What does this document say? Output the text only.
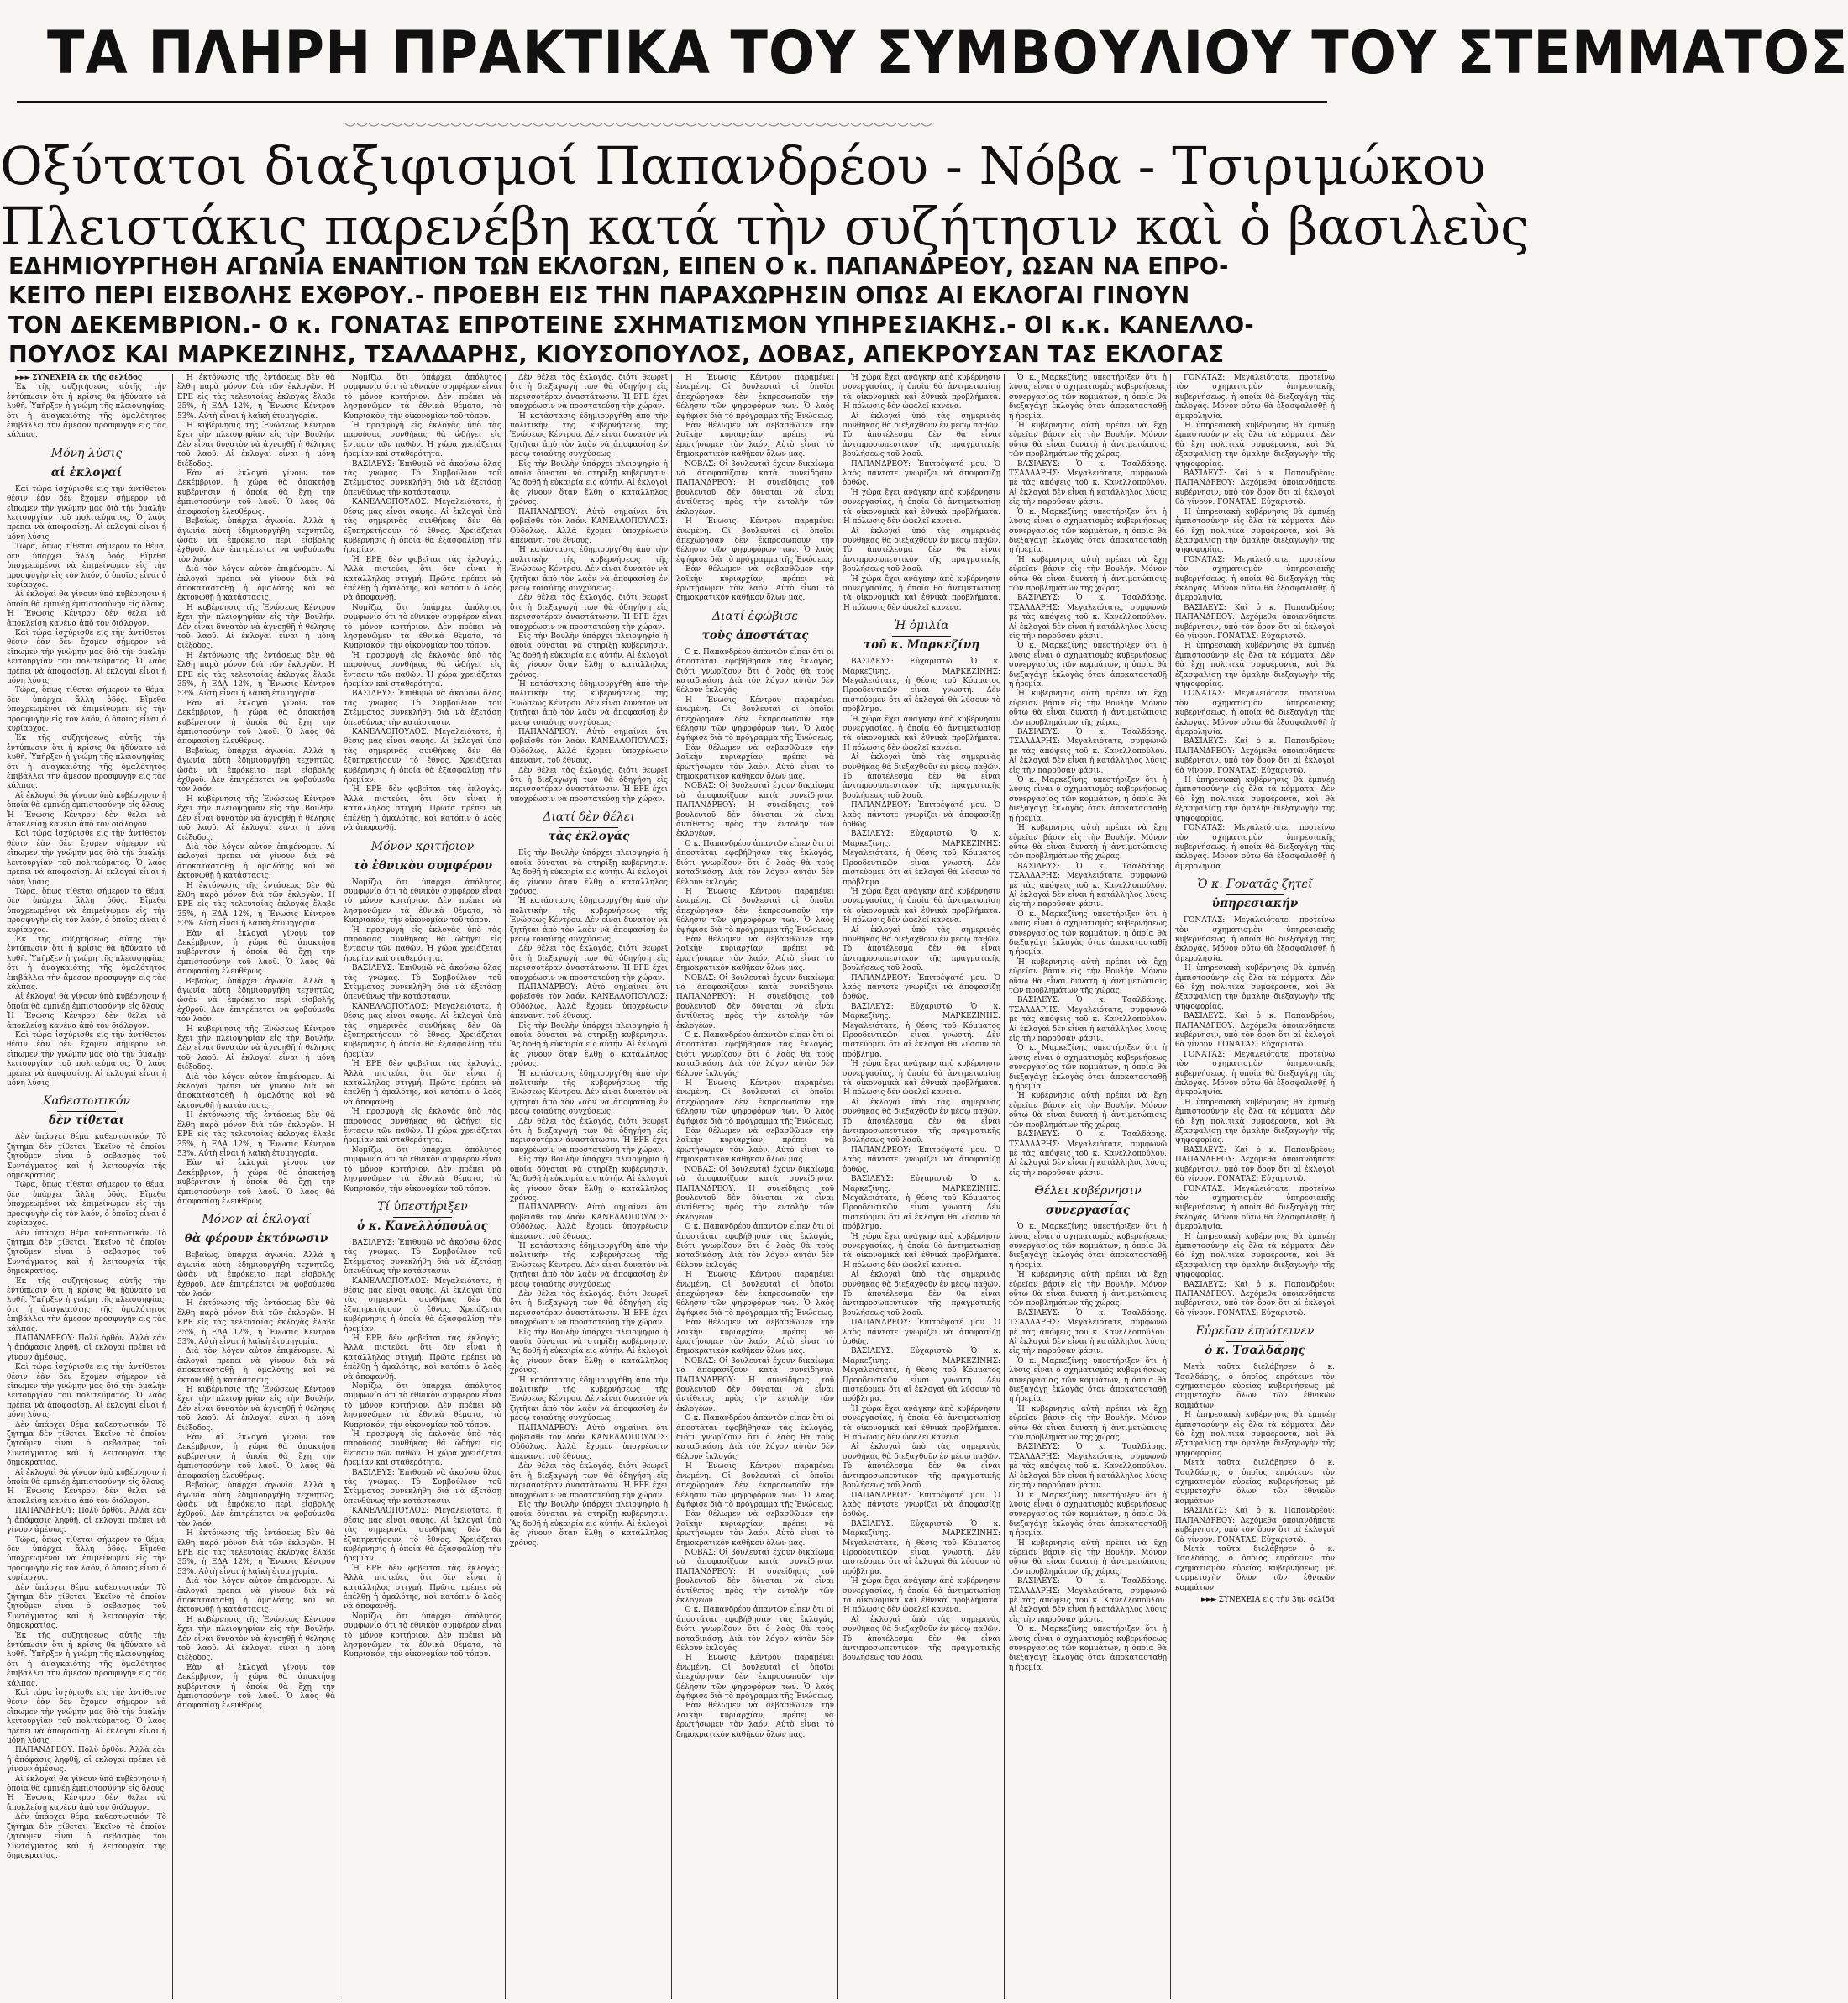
ΤΑ ΠΛΗΡΗ ΠΡΑΚΤΙΚΑ ΤΟΥ ΣΥΜΒΟΥΛΙΟΥ ΤΟΥ ΣΤΕΜΜΑΤΟΣ
Οξύτατοι διαξιφισμοί Παπανδρέου - Νόβα - Τσιριμώκου
Πλειστάκις παρενέβη κατά τὴν συζήτησιν καὶ ὁ βασιλεὺς
ΕΔΗΜΙΟΥΡΓΗΘΗ ΑΓΩΝΙΑ ΕΝΑΝΤΙΟΝ ΤΩΝ ΕΚΛΟΓΩΝ, ΕΙΠΕΝ Ο κ. ΠΑΠΑΝΔΡΕΟΥ, ΩΣΑΝ ΝΑ ΕΠΡΟ-
ΚΕΙΤΟ ΠΕΡΙ ΕΙΣΒΟΛΗΣ ΕΧΘΡΟΥ.- ΠΡΟΕΒΗ ΕΙΣ ΤΗΝ ΠΑΡΑΧΩΡΗΣΙΝ ΟΠΩΣ ΑΙ ΕΚΛΟΓΑΙ ΓΙΝΟΥΝ
ΤΟΝ ΔΕΚΕΜΒΡΙΟΝ.- Ο κ. ΓΟΝΑΤΑΣ ΕΠΡΟΤΕΙΝΕ ΣΧΗΜΑΤΙΣΜΟΝ ΥΠΗΡΕΣΙΑΚΗΣ.- ΟΙ κ.κ. ΚΑΝΕΛΛΟ-
ΠΟΥΛΟΣ ΚΑΙ ΜΑΡΚΕΖΙΝΗΣ, ΤΣΑΛΔΑΡΗΣ, ΚΙΟΥΣΟΠΟΥΛΟΣ, ΔΟΒΑΣ, ΑΠΕΚΡΟΥΣΑΝ ΤΑΣ ΕΚΛΟΓΑΣ

►►► ΣΥΝΕΧΕΙΑ ἐκ τῆς σελίδος

Ἐκ τῆς συζητήσεως αὐτῆς τὴν ἐντύπωσιν ὅτι ἡ κρίσις θὰ ἠδύνατο νὰ λυθῆ. Ὑπῆρξεν ἡ γνώμη τῆς πλειοψηφίας, ὅτι ἡ ἀναγκαιότης τῆς ὁμαλότητος ἐπιβάλλει τὴν ἄμεσον προσφυγὴν εἰς τὰς κάλπας.

Μόνη λύσις
αἱ ἐκλογαί

Καὶ τώρα ἰσχύρισθε εἰς τὴν ἀντίθετον θέσιν ἐὰν δὲν ἔχομεν σήμερον νὰ εἴπωμεν τὴν γνώμην μας διὰ τὴν ὁμαλὴν λειτουργίαν τοῦ πολιτεύματος. Ὁ λαὸς πρέπει νὰ ἀποφασίσῃ. Αἱ ἐκλογαὶ εἶναι ἡ μόνη λύσις.

Τώρα, ὅπως τίθεται σήμερον τὸ θέμα, δὲν ὑπάρχει ἄλλη ὁδός. Εἴμεθα ὑποχρεωμένοι νὰ ἐπιμείνωμεν εἰς τὴν προσφυγὴν εἰς τὸν λαόν, ὁ ὁποῖος εἶναι ὁ κυρίαρχος.

Αἱ ἐκλογαὶ θὰ γίνουν ὑπὸ κυβέρνησιν ἡ ὁποία θὰ ἐμπνέῃ ἐμπιστοσύνην εἰς ὅλους. Ἡ Ἕνωσις Κέντρου δὲν θέλει νὰ ἀποκλείσῃ κανένα ἀπὸ τὸν διάλογον.

Καὶ τώρα ἰσχύρισθε εἰς τὴν ἀντίθετον θέσιν ἐὰν δὲν ἔχομεν σήμερον νὰ εἴπωμεν τὴν γνώμην μας διὰ τὴν ὁμαλὴν λειτουργίαν τοῦ πολιτεύματος. Ὁ λαὸς πρέπει νὰ ἀποφασίσῃ. Αἱ ἐκλογαὶ εἶναι ἡ μόνη λύσις.

Τώρα, ὅπως τίθεται σήμερον τὸ θέμα, δὲν ὑπάρχει ἄλλη ὁδός. Εἴμεθα ὑποχρεωμένοι νὰ ἐπιμείνωμεν εἰς τὴν προσφυγὴν εἰς τὸν λαόν, ὁ ὁποῖος εἶναι ὁ κυρίαρχος.

Ἐκ τῆς συζητήσεως αὐτῆς τὴν ἐντύπωσιν ὅτι ἡ κρίσις θὰ ἠδύνατο νὰ λυθῆ. Ὑπῆρξεν ἡ γνώμη τῆς πλειοψηφίας, ὅτι ἡ ἀναγκαιότης τῆς ὁμαλότητος ἐπιβάλλει τὴν ἄμεσον προσφυγὴν εἰς τὰς κάλπας.

Αἱ ἐκλογαὶ θὰ γίνουν ὑπὸ κυβέρνησιν ἡ ὁποία θὰ ἐμπνέῃ ἐμπιστοσύνην εἰς ὅλους. Ἡ Ἕνωσις Κέντρου δὲν θέλει νὰ ἀποκλείσῃ κανένα ἀπὸ τὸν διάλογον.

Καὶ τώρα ἰσχύρισθε εἰς τὴν ἀντίθετον θέσιν ἐὰν δὲν ἔχομεν σήμερον νὰ εἴπωμεν τὴν γνώμην μας διὰ τὴν ὁμαλὴν λειτουργίαν τοῦ πολιτεύματος. Ὁ λαὸς πρέπει νὰ ἀποφασίσῃ. Αἱ ἐκλογαὶ εἶναι ἡ μόνη λύσις.

Τώρα, ὅπως τίθεται σήμερον τὸ θέμα, δὲν ὑπάρχει ἄλλη ὁδός. Εἴμεθα ὑποχρεωμένοι νὰ ἐπιμείνωμεν εἰς τὴν προσφυγὴν εἰς τὸν λαόν, ὁ ὁποῖος εἶναι ὁ κυρίαρχος.

Ἐκ τῆς συζητήσεως αὐτῆς τὴν ἐντύπωσιν ὅτι ἡ κρίσις θὰ ἠδύνατο νὰ λυθῆ. Ὑπῆρξεν ἡ γνώμη τῆς πλειοψηφίας, ὅτι ἡ ἀναγκαιότης τῆς ὁμαλότητος ἐπιβάλλει τὴν ἄμεσον προσφυγὴν εἰς τὰς κάλπας.

Αἱ ἐκλογαὶ θὰ γίνουν ὑπὸ κυβέρνησιν ἡ ὁποία θὰ ἐμπνέῃ ἐμπιστοσύνην εἰς ὅλους. Ἡ Ἕνωσις Κέντρου δὲν θέλει νὰ ἀποκλείσῃ κανένα ἀπὸ τὸν διάλογον.

Καὶ τώρα ἰσχύρισθε εἰς τὴν ἀντίθετον θέσιν ἐὰν δὲν ἔχομεν σήμερον νὰ εἴπωμεν τὴν γνώμην μας διὰ τὴν ὁμαλὴν λειτουργίαν τοῦ πολιτεύματος. Ὁ λαὸς πρέπει νὰ ἀποφασίσῃ. Αἱ ἐκλογαὶ εἶναι ἡ μόνη λύσις.

Καθεστωτικόν
δὲν τίθεται

Δὲν ὑπάρχει θέμα καθεστωτικόν. Τὸ ζήτημα δὲν τίθεται. Ἐκεῖνο τὸ ὁποῖον ζητοῦμεν εἶναι ὁ σεβασμὸς τοῦ Συντάγματος καὶ ἡ λειτουργία τῆς δημοκρατίας.

Τώρα, ὅπως τίθεται σήμερον τὸ θέμα, δὲν ὑπάρχει ἄλλη ὁδός. Εἴμεθα ὑποχρεωμένοι νὰ ἐπιμείνωμεν εἰς τὴν προσφυγὴν εἰς τὸν λαόν, ὁ ὁποῖος εἶναι ὁ κυρίαρχος.

Δὲν ὑπάρχει θέμα καθεστωτικόν. Τὸ ζήτημα δὲν τίθεται. Ἐκεῖνο τὸ ὁποῖον ζητοῦμεν εἶναι ὁ σεβασμὸς τοῦ Συντάγματος καὶ ἡ λειτουργία τῆς δημοκρατίας.

Ἐκ τῆς συζητήσεως αὐτῆς τὴν ἐντύπωσιν ὅτι ἡ κρίσις θὰ ἠδύνατο νὰ λυθῆ. Ὑπῆρξεν ἡ γνώμη τῆς πλειοψηφίας, ὅτι ἡ ἀναγκαιότης τῆς ὁμαλότητος ἐπιβάλλει τὴν ἄμεσον προσφυγὴν εἰς τὰς κάλπας.

ΠΑΠΑΝΔΡΕΟΥ: Πολὺ ὀρθὸν. Ἀλλὰ ἐὰν ἡ ἀπόφασις ληφθῆ, αἱ ἐκλογαὶ πρέπει νὰ γίνουν ἀμέσως.

Καὶ τώρα ἰσχύρισθε εἰς τὴν ἀντίθετον θέσιν ἐὰν δὲν ἔχομεν σήμερον νὰ εἴπωμεν τὴν γνώμην μας διὰ τὴν ὁμαλὴν λειτουργίαν τοῦ πολιτεύματος. Ὁ λαὸς πρέπει νὰ ἀποφασίσῃ. Αἱ ἐκλογαὶ εἶναι ἡ μόνη λύσις.

Δὲν ὑπάρχει θέμα καθεστωτικόν. Τὸ ζήτημα δὲν τίθεται. Ἐκεῖνο τὸ ὁποῖον ζητοῦμεν εἶναι ὁ σεβασμὸς τοῦ Συντάγματος καὶ ἡ λειτουργία τῆς δημοκρατίας.

Αἱ ἐκλογαὶ θὰ γίνουν ὑπὸ κυβέρνησιν ἡ ὁποία θὰ ἐμπνέῃ ἐμπιστοσύνην εἰς ὅλους. Ἡ Ἕνωσις Κέντρου δὲν θέλει νὰ ἀποκλείσῃ κανένα ἀπὸ τὸν διάλογον.

ΠΑΠΑΝΔΡΕΟΥ: Πολὺ ὀρθὸν. Ἀλλὰ ἐὰν ἡ ἀπόφασις ληφθῆ, αἱ ἐκλογαὶ πρέπει νὰ γίνουν ἀμέσως.

Τώρα, ὅπως τίθεται σήμερον τὸ θέμα, δὲν ὑπάρχει ἄλλη ὁδός. Εἴμεθα ὑποχρεωμένοι νὰ ἐπιμείνωμεν εἰς τὴν προσφυγὴν εἰς τὸν λαόν, ὁ ὁποῖος εἶναι ὁ κυρίαρχος.

Δὲν ὑπάρχει θέμα καθεστωτικόν. Τὸ ζήτημα δὲν τίθεται. Ἐκεῖνο τὸ ὁποῖον ζητοῦμεν εἶναι ὁ σεβασμὸς τοῦ Συντάγματος καὶ ἡ λειτουργία τῆς δημοκρατίας.

Ἐκ τῆς συζητήσεως αὐτῆς τὴν ἐντύπωσιν ὅτι ἡ κρίσις θὰ ἠδύνατο νὰ λυθῆ. Ὑπῆρξεν ἡ γνώμη τῆς πλειοψηφίας, ὅτι ἡ ἀναγκαιότης τῆς ὁμαλότητος ἐπιβάλλει τὴν ἄμεσον προσφυγὴν εἰς τὰς κάλπας.

Καὶ τώρα ἰσχύρισθε εἰς τὴν ἀντίθετον θέσιν ἐὰν δὲν ἔχομεν σήμερον νὰ εἴπωμεν τὴν γνώμην μας διὰ τὴν ὁμαλὴν λειτουργίαν τοῦ πολιτεύματος. Ὁ λαὸς πρέπει νὰ ἀποφασίσῃ. Αἱ ἐκλογαὶ εἶναι ἡ μόνη λύσις.

ΠΑΠΑΝΔΡΕΟΥ: Πολὺ ὀρθὸν. Ἀλλὰ ἐὰν ἡ ἀπόφασις ληφθῆ, αἱ ἐκλογαὶ πρέπει νὰ γίνουν ἀμέσως.

Αἱ ἐκλογαὶ θὰ γίνουν ὑπὸ κυβέρνησιν ἡ ὁποία θὰ ἐμπνέῃ ἐμπιστοσύνην εἰς ὅλους. Ἡ Ἕνωσις Κέντρου δὲν θέλει νὰ ἀποκλείσῃ κανένα ἀπὸ τὸν διάλογον.

Δὲν ὑπάρχει θέμα καθεστωτικόν. Τὸ ζήτημα δὲν τίθεται. Ἐκεῖνο τὸ ὁποῖον ζητοῦμεν εἶναι ὁ σεβασμὸς τοῦ Συντάγματος καὶ ἡ λειτουργία τῆς δημοκρατίας.

Ἡ ἐκτόνωσις τῆς ἐντάσεως δὲν θὰ ἔλθῃ παρὰ μόνον διὰ τῶν ἐκλογῶν. Ἡ ΕΡΕ εἰς τὰς τελευταίας ἐκλογὰς ἔλαβε 35%, ἡ ΕΔΑ 12%, ἡ Ἕνωσις Κέντρου 53%. Αὐτὴ εἶναι ἡ λαϊκὴ ἐτυμηγορία.

Ἡ κυβέρνησις τῆς Ἑνώσεως Κέντρου ἔχει τὴν πλειοψηφίαν εἰς τὴν Βουλήν. Δὲν εἶναι δυνατὸν νὰ ἀγνοηθῇ ἡ θέλησις τοῦ λαοῦ. Αἱ ἐκλογαὶ εἶναι ἡ μόνη διέξοδος.

Ἐὰν αἱ ἐκλογαὶ γίνουν τὸν Δεκέμβριον, ἡ χώρα θὰ ἀποκτήσῃ κυβέρνησιν ἡ ὁποία θὰ ἔχῃ τὴν ἐμπιστοσύνην τοῦ λαοῦ. Ὁ λαὸς θὰ ἀποφασίσῃ ἐλευθέρως.

Βεβαίως, ὑπάρχει ἀγωνία. Ἀλλὰ ἡ ἀγωνία αὐτὴ ἐδημιουργήθη τεχνητῶς, ὡσὰν νὰ ἐπρόκειτο περὶ εἰσβολῆς ἐχθροῦ. Δὲν ἐπιτρέπεται νὰ φοβούμεθα τὸν λαόν.

Διὰ τὸν λόγον αὐτὸν ἐπιμένομεν. Αἱ ἐκλογαὶ πρέπει νὰ γίνουν διὰ νὰ ἀποκατασταθῇ ἡ ὁμαλότης καὶ νὰ ἐκτονωθῇ ἡ κατάστασις.

Ἡ κυβέρνησις τῆς Ἑνώσεως Κέντρου ἔχει τὴν πλειοψηφίαν εἰς τὴν Βουλήν. Δὲν εἶναι δυνατὸν νὰ ἀγνοηθῇ ἡ θέλησις τοῦ λαοῦ. Αἱ ἐκλογαὶ εἶναι ἡ μόνη διέξοδος.

Ἡ ἐκτόνωσις τῆς ἐντάσεως δὲν θὰ ἔλθῃ παρὰ μόνον διὰ τῶν ἐκλογῶν. Ἡ ΕΡΕ εἰς τὰς τελευταίας ἐκλογὰς ἔλαβε 35%, ἡ ΕΔΑ 12%, ἡ Ἕνωσις Κέντρου 53%. Αὐτὴ εἶναι ἡ λαϊκὴ ἐτυμηγορία.

Ἐὰν αἱ ἐκλογαὶ γίνουν τὸν Δεκέμβριον, ἡ χώρα θὰ ἀποκτήσῃ κυβέρνησιν ἡ ὁποία θὰ ἔχῃ τὴν ἐμπιστοσύνην τοῦ λαοῦ. Ὁ λαὸς θὰ ἀποφασίσῃ ἐλευθέρως.

Βεβαίως, ὑπάρχει ἀγωνία. Ἀλλὰ ἡ ἀγωνία αὐτὴ ἐδημιουργήθη τεχνητῶς, ὡσὰν νὰ ἐπρόκειτο περὶ εἰσβολῆς ἐχθροῦ. Δὲν ἐπιτρέπεται νὰ φοβούμεθα τὸν λαόν.

Ἡ κυβέρνησις τῆς Ἑνώσεως Κέντρου ἔχει τὴν πλειοψηφίαν εἰς τὴν Βουλήν. Δὲν εἶναι δυνατὸν νὰ ἀγνοηθῇ ἡ θέλησις τοῦ λαοῦ. Αἱ ἐκλογαὶ εἶναι ἡ μόνη διέξοδος.

Διὰ τὸν λόγον αὐτὸν ἐπιμένομεν. Αἱ ἐκλογαὶ πρέπει νὰ γίνουν διὰ νὰ ἀποκατασταθῇ ἡ ὁμαλότης καὶ νὰ ἐκτονωθῇ ἡ κατάστασις.

Ἡ ἐκτόνωσις τῆς ἐντάσεως δὲν θὰ ἔλθῃ παρὰ μόνον διὰ τῶν ἐκλογῶν. Ἡ ΕΡΕ εἰς τὰς τελευταίας ἐκλογὰς ἔλαβε 35%, ἡ ΕΔΑ 12%, ἡ Ἕνωσις Κέντρου 53%. Αὐτὴ εἶναι ἡ λαϊκὴ ἐτυμηγορία.

Ἐὰν αἱ ἐκλογαὶ γίνουν τὸν Δεκέμβριον, ἡ χώρα θὰ ἀποκτήσῃ κυβέρνησιν ἡ ὁποία θὰ ἔχῃ τὴν ἐμπιστοσύνην τοῦ λαοῦ. Ὁ λαὸς θὰ ἀποφασίσῃ ἐλευθέρως.

Βεβαίως, ὑπάρχει ἀγωνία. Ἀλλὰ ἡ ἀγωνία αὐτὴ ἐδημιουργήθη τεχνητῶς, ὡσὰν νὰ ἐπρόκειτο περὶ εἰσβολῆς ἐχθροῦ. Δὲν ἐπιτρέπεται νὰ φοβούμεθα τὸν λαόν.

Ἡ κυβέρνησις τῆς Ἑνώσεως Κέντρου ἔχει τὴν πλειοψηφίαν εἰς τὴν Βουλήν. Δὲν εἶναι δυνατὸν νὰ ἀγνοηθῇ ἡ θέλησις τοῦ λαοῦ. Αἱ ἐκλογαὶ εἶναι ἡ μόνη διέξοδος.

Διὰ τὸν λόγον αὐτὸν ἐπιμένομεν. Αἱ ἐκλογαὶ πρέπει νὰ γίνουν διὰ νὰ ἀποκατασταθῇ ἡ ὁμαλότης καὶ νὰ ἐκτονωθῇ ἡ κατάστασις.

Ἡ ἐκτόνωσις τῆς ἐντάσεως δὲν θὰ ἔλθῃ παρὰ μόνον διὰ τῶν ἐκλογῶν. Ἡ ΕΡΕ εἰς τὰς τελευταίας ἐκλογὰς ἔλαβε 35%, ἡ ΕΔΑ 12%, ἡ Ἕνωσις Κέντρου 53%. Αὐτὴ εἶναι ἡ λαϊκὴ ἐτυμηγορία.

Ἐὰν αἱ ἐκλογαὶ γίνουν τὸν Δεκέμβριον, ἡ χώρα θὰ ἀποκτήσῃ κυβέρνησιν ἡ ὁποία θὰ ἔχῃ τὴν ἐμπιστοσύνην τοῦ λαοῦ. Ὁ λαὸς θὰ ἀποφασίσῃ ἐλευθέρως.

Μόνον αἱ ἐκλογαί
θὰ φέρουν ἐκτόνωσιν

Βεβαίως, ὑπάρχει ἀγωνία. Ἀλλὰ ἡ ἀγωνία αὐτὴ ἐδημιουργήθη τεχνητῶς, ὡσὰν νὰ ἐπρόκειτο περὶ εἰσβολῆς ἐχθροῦ. Δὲν ἐπιτρέπεται νὰ φοβούμεθα τὸν λαόν.

Ἡ ἐκτόνωσις τῆς ἐντάσεως δὲν θὰ ἔλθῃ παρὰ μόνον διὰ τῶν ἐκλογῶν. Ἡ ΕΡΕ εἰς τὰς τελευταίας ἐκλογὰς ἔλαβε 35%, ἡ ΕΔΑ 12%, ἡ Ἕνωσις Κέντρου 53%. Αὐτὴ εἶναι ἡ λαϊκὴ ἐτυμηγορία.

Διὰ τὸν λόγον αὐτὸν ἐπιμένομεν. Αἱ ἐκλογαὶ πρέπει νὰ γίνουν διὰ νὰ ἀποκατασταθῇ ἡ ὁμαλότης καὶ νὰ ἐκτονωθῇ ἡ κατάστασις.

Ἡ κυβέρνησις τῆς Ἑνώσεως Κέντρου ἔχει τὴν πλειοψηφίαν εἰς τὴν Βουλήν. Δὲν εἶναι δυνατὸν νὰ ἀγνοηθῇ ἡ θέλησις τοῦ λαοῦ. Αἱ ἐκλογαὶ εἶναι ἡ μόνη διέξοδος.

Ἐὰν αἱ ἐκλογαὶ γίνουν τὸν Δεκέμβριον, ἡ χώρα θὰ ἀποκτήσῃ κυβέρνησιν ἡ ὁποία θὰ ἔχῃ τὴν ἐμπιστοσύνην τοῦ λαοῦ. Ὁ λαὸς θὰ ἀποφασίσῃ ἐλευθέρως.

Βεβαίως, ὑπάρχει ἀγωνία. Ἀλλὰ ἡ ἀγωνία αὐτὴ ἐδημιουργήθη τεχνητῶς, ὡσὰν νὰ ἐπρόκειτο περὶ εἰσβολῆς ἐχθροῦ. Δὲν ἐπιτρέπεται νὰ φοβούμεθα τὸν λαόν.

Ἡ ἐκτόνωσις τῆς ἐντάσεως δὲν θὰ ἔλθῃ παρὰ μόνον διὰ τῶν ἐκλογῶν. Ἡ ΕΡΕ εἰς τὰς τελευταίας ἐκλογὰς ἔλαβε 35%, ἡ ΕΔΑ 12%, ἡ Ἕνωσις Κέντρου 53%. Αὐτὴ εἶναι ἡ λαϊκὴ ἐτυμηγορία.

Διὰ τὸν λόγον αὐτὸν ἐπιμένομεν. Αἱ ἐκλογαὶ πρέπει νὰ γίνουν διὰ νὰ ἀποκατασταθῇ ἡ ὁμαλότης καὶ νὰ ἐκτονωθῇ ἡ κατάστασις.

Ἡ κυβέρνησις τῆς Ἑνώσεως Κέντρου ἔχει τὴν πλειοψηφίαν εἰς τὴν Βουλήν. Δὲν εἶναι δυνατὸν νὰ ἀγνοηθῇ ἡ θέλησις τοῦ λαοῦ. Αἱ ἐκλογαὶ εἶναι ἡ μόνη διέξοδος.

Ἐὰν αἱ ἐκλογαὶ γίνουν τὸν Δεκέμβριον, ἡ χώρα θὰ ἀποκτήσῃ κυβέρνησιν ἡ ὁποία θὰ ἔχῃ τὴν ἐμπιστοσύνην τοῦ λαοῦ. Ὁ λαὸς θὰ ἀποφασίσῃ ἐλευθέρως.

Νομίζω, ὅτι ὑπάρχει ἀπόλυτος συμφωνία ὅτι τὸ ἐθνικὸν συμφέρον εἶναι τὸ μόνον κριτήριον. Δὲν πρέπει νὰ λησμονῶμεν τὰ ἐθνικὰ θέματα, τὸ Κυπριακόν, τὴν οἰκονομίαν τοῦ τόπου.

Ἡ προσφυγὴ εἰς ἐκλογὰς ὑπὸ τὰς παρούσας συνθήκας θὰ ὡδήγει εἰς ἔντασιν τῶν παθῶν. Ἡ χώρα χρειάζεται ἠρεμίαν καὶ σταθερότητα.

ΒΑΣΙΛΕΥΣ: Ἐπιθυμῶ νὰ ἀκούσω ὅλας τὰς γνώμας. Τὸ Συμβούλιον τοῦ Στέμματος συνεκλήθη διὰ νὰ ἐξετάσῃ ὑπευθύνως τὴν κατάστασιν.

ΚΑΝΕΛΛΟΠΟΥΛΟΣ: Μεγαλειότατε, ἡ θέσις μας εἶναι σαφής. Αἱ ἐκλογαὶ ὑπὸ τὰς σημερινὰς συνθήκας δὲν θὰ ἐξυπηρετήσουν τὸ ἔθνος. Χρειάζεται κυβέρνησις ἡ ὁποία θὰ ἐξασφαλίσῃ τὴν ἠρεμίαν.

Ἡ ΕΡΕ δὲν φοβεῖται τὰς ἐκλογάς. Ἀλλὰ πιστεύει, ὅτι δὲν εἶναι ἡ κατάλληλος στιγμή. Πρῶτα πρέπει νὰ ἐπέλθῃ ἡ ὁμαλότης, καὶ κατόπιν ὁ λαὸς νὰ ἀποφανθῇ.

Νομίζω, ὅτι ὑπάρχει ἀπόλυτος συμφωνία ὅτι τὸ ἐθνικὸν συμφέρον εἶναι τὸ μόνον κριτήριον. Δὲν πρέπει νὰ λησμονῶμεν τὰ ἐθνικὰ θέματα, τὸ Κυπριακόν, τὴν οἰκονομίαν τοῦ τόπου.

Ἡ προσφυγὴ εἰς ἐκλογὰς ὑπὸ τὰς παρούσας συνθήκας θὰ ὡδήγει εἰς ἔντασιν τῶν παθῶν. Ἡ χώρα χρειάζεται ἠρεμίαν καὶ σταθερότητα.

ΒΑΣΙΛΕΥΣ: Ἐπιθυμῶ νὰ ἀκούσω ὅλας τὰς γνώμας. Τὸ Συμβούλιον τοῦ Στέμματος συνεκλήθη διὰ νὰ ἐξετάσῃ ὑπευθύνως τὴν κατάστασιν.

ΚΑΝΕΛΛΟΠΟΥΛΟΣ: Μεγαλειότατε, ἡ θέσις μας εἶναι σαφής. Αἱ ἐκλογαὶ ὑπὸ τὰς σημερινὰς συνθήκας δὲν θὰ ἐξυπηρετήσουν τὸ ἔθνος. Χρειάζεται κυβέρνησις ἡ ὁποία θὰ ἐξασφαλίσῃ τὴν ἠρεμίαν.

Ἡ ΕΡΕ δὲν φοβεῖται τὰς ἐκλογάς. Ἀλλὰ πιστεύει, ὅτι δὲν εἶναι ἡ κατάλληλος στιγμή. Πρῶτα πρέπει νὰ ἐπέλθῃ ἡ ὁμαλότης, καὶ κατόπιν ὁ λαὸς νὰ ἀποφανθῇ.

Μόνον κριτήριον
τὸ ἐθνικὸν συμφέρον

Νομίζω, ὅτι ὑπάρχει ἀπόλυτος συμφωνία ὅτι τὸ ἐθνικὸν συμφέρον εἶναι τὸ μόνον κριτήριον. Δὲν πρέπει νὰ λησμονῶμεν τὰ ἐθνικὰ θέματα, τὸ Κυπριακόν, τὴν οἰκονομίαν τοῦ τόπου.

Ἡ προσφυγὴ εἰς ἐκλογὰς ὑπὸ τὰς παρούσας συνθήκας θὰ ὡδήγει εἰς ἔντασιν τῶν παθῶν. Ἡ χώρα χρειάζεται ἠρεμίαν καὶ σταθερότητα.

ΒΑΣΙΛΕΥΣ: Ἐπιθυμῶ νὰ ἀκούσω ὅλας τὰς γνώμας. Τὸ Συμβούλιον τοῦ Στέμματος συνεκλήθη διὰ νὰ ἐξετάσῃ ὑπευθύνως τὴν κατάστασιν.

ΚΑΝΕΛΛΟΠΟΥΛΟΣ: Μεγαλειότατε, ἡ θέσις μας εἶναι σαφής. Αἱ ἐκλογαὶ ὑπὸ τὰς σημερινὰς συνθήκας δὲν θὰ ἐξυπηρετήσουν τὸ ἔθνος. Χρειάζεται κυβέρνησις ἡ ὁποία θὰ ἐξασφαλίσῃ τὴν ἠρεμίαν.

Ἡ ΕΡΕ δὲν φοβεῖται τὰς ἐκλογάς. Ἀλλὰ πιστεύει, ὅτι δὲν εἶναι ἡ κατάλληλος στιγμή. Πρῶτα πρέπει νὰ ἐπέλθῃ ἡ ὁμαλότης, καὶ κατόπιν ὁ λαὸς νὰ ἀποφανθῇ.

Ἡ προσφυγὴ εἰς ἐκλογὰς ὑπὸ τὰς παρούσας συνθήκας θὰ ὡδήγει εἰς ἔντασιν τῶν παθῶν. Ἡ χώρα χρειάζεται ἠρεμίαν καὶ σταθερότητα.

Νομίζω, ὅτι ὑπάρχει ἀπόλυτος συμφωνία ὅτι τὸ ἐθνικὸν συμφέρον εἶναι τὸ μόνον κριτήριον. Δὲν πρέπει νὰ λησμονῶμεν τὰ ἐθνικὰ θέματα, τὸ Κυπριακόν, τὴν οἰκονομίαν τοῦ τόπου.

Τί ὑπεστήριξεν
ὁ κ. Κανελλόπουλος

ΒΑΣΙΛΕΥΣ: Ἐπιθυμῶ νὰ ἀκούσω ὅλας τὰς γνώμας. Τὸ Συμβούλιον τοῦ Στέμματος συνεκλήθη διὰ νὰ ἐξετάσῃ ὑπευθύνως τὴν κατάστασιν.

ΚΑΝΕΛΛΟΠΟΥΛΟΣ: Μεγαλειότατε, ἡ θέσις μας εἶναι σαφής. Αἱ ἐκλογαὶ ὑπὸ τὰς σημερινὰς συνθήκας δὲν θὰ ἐξυπηρετήσουν τὸ ἔθνος. Χρειάζεται κυβέρνησις ἡ ὁποία θὰ ἐξασφαλίσῃ τὴν ἠρεμίαν.

Ἡ ΕΡΕ δὲν φοβεῖται τὰς ἐκλογάς. Ἀλλὰ πιστεύει, ὅτι δὲν εἶναι ἡ κατάλληλος στιγμή. Πρῶτα πρέπει νὰ ἐπέλθῃ ἡ ὁμαλότης, καὶ κατόπιν ὁ λαὸς νὰ ἀποφανθῇ.

Νομίζω, ὅτι ὑπάρχει ἀπόλυτος συμφωνία ὅτι τὸ ἐθνικὸν συμφέρον εἶναι τὸ μόνον κριτήριον. Δὲν πρέπει νὰ λησμονῶμεν τὰ ἐθνικὰ θέματα, τὸ Κυπριακόν, τὴν οἰκονομίαν τοῦ τόπου.

Ἡ προσφυγὴ εἰς ἐκλογὰς ὑπὸ τὰς παρούσας συνθήκας θὰ ὡδήγει εἰς ἔντασιν τῶν παθῶν. Ἡ χώρα χρειάζεται ἠρεμίαν καὶ σταθερότητα.

ΒΑΣΙΛΕΥΣ: Ἐπιθυμῶ νὰ ἀκούσω ὅλας τὰς γνώμας. Τὸ Συμβούλιον τοῦ Στέμματος συνεκλήθη διὰ νὰ ἐξετάσῃ ὑπευθύνως τὴν κατάστασιν.

ΚΑΝΕΛΛΟΠΟΥΛΟΣ: Μεγαλειότατε, ἡ θέσις μας εἶναι σαφής. Αἱ ἐκλογαὶ ὑπὸ τὰς σημερινὰς συνθήκας δὲν θὰ ἐξυπηρετήσουν τὸ ἔθνος. Χρειάζεται κυβέρνησις ἡ ὁποία θὰ ἐξασφαλίσῃ τὴν ἠρεμίαν.

Ἡ ΕΡΕ δὲν φοβεῖται τὰς ἐκλογάς. Ἀλλὰ πιστεύει, ὅτι δὲν εἶναι ἡ κατάλληλος στιγμή. Πρῶτα πρέπει νὰ ἐπέλθῃ ἡ ὁμαλότης, καὶ κατόπιν ὁ λαὸς νὰ ἀποφανθῇ.

Νομίζω, ὅτι ὑπάρχει ἀπόλυτος συμφωνία ὅτι τὸ ἐθνικὸν συμφέρον εἶναι τὸ μόνον κριτήριον. Δὲν πρέπει νὰ λησμονῶμεν τὰ ἐθνικὰ θέματα, τὸ Κυπριακόν, τὴν οἰκονομίαν τοῦ τόπου.

Δὲν θέλει τὰς ἐκλογάς, διότι θεωρεῖ ὅτι ἡ διεξαγωγή των θὰ ὁδηγήσῃ εἰς περισσοτέραν ἀναστάτωσιν. Ἡ ΕΡΕ ἔχει ὑποχρέωσιν νὰ προστατεύσῃ τὴν χώραν.

Ἡ κατάστασις ἐδημιουργήθη ἀπὸ τὴν πολιτικὴν τῆς κυβερνήσεως τῆς Ἑνώσεως Κέντρου. Δὲν εἶναι δυνατὸν νὰ ζητῆται ἀπὸ τὸν λαὸν νὰ ἀποφασίσῃ ἐν μέσῳ τοιαύτης συγχύσεως.

Εἰς τὴν Βουλὴν ὑπάρχει πλειοψηφία ἡ ὁποία δύναται νὰ στηρίξῃ κυβέρνησιν. Ἂς δοθῇ ἡ εὐκαιρία εἰς αὐτήν. Αἱ ἐκλογαὶ ἂς γίνουν ὅταν ἔλθῃ ὁ κατάλληλος χρόνος.

ΠΑΠΑΝΔΡΕΟΥ: Αὐτὸ σημαίνει ὅτι φοβεῖσθε τὸν λαόν. ΚΑΝΕΛΛΟΠΟΥΛΟΣ: Οὐδόλως. Ἀλλὰ ἔχομεν ὑποχρέωσιν ἀπέναντι τοῦ ἔθνους.

Ἡ κατάστασις ἐδημιουργήθη ἀπὸ τὴν πολιτικὴν τῆς κυβερνήσεως τῆς Ἑνώσεως Κέντρου. Δὲν εἶναι δυνατὸν νὰ ζητῆται ἀπὸ τὸν λαὸν νὰ ἀποφασίσῃ ἐν μέσῳ τοιαύτης συγχύσεως.

Δὲν θέλει τὰς ἐκλογάς, διότι θεωρεῖ ὅτι ἡ διεξαγωγή των θὰ ὁδηγήσῃ εἰς περισσοτέραν ἀναστάτωσιν. Ἡ ΕΡΕ ἔχει ὑποχρέωσιν νὰ προστατεύσῃ τὴν χώραν.

Εἰς τὴν Βουλὴν ὑπάρχει πλειοψηφία ἡ ὁποία δύναται νὰ στηρίξῃ κυβέρνησιν. Ἂς δοθῇ ἡ εὐκαιρία εἰς αὐτήν. Αἱ ἐκλογαὶ ἂς γίνουν ὅταν ἔλθῃ ὁ κατάλληλος χρόνος.

Ἡ κατάστασις ἐδημιουργήθη ἀπὸ τὴν πολιτικὴν τῆς κυβερνήσεως τῆς Ἑνώσεως Κέντρου. Δὲν εἶναι δυνατὸν νὰ ζητῆται ἀπὸ τὸν λαὸν νὰ ἀποφασίσῃ ἐν μέσῳ τοιαύτης συγχύσεως.

ΠΑΠΑΝΔΡΕΟΥ: Αὐτὸ σημαίνει ὅτι φοβεῖσθε τὸν λαόν. ΚΑΝΕΛΛΟΠΟΥΛΟΣ: Οὐδόλως. Ἀλλὰ ἔχομεν ὑποχρέωσιν ἀπέναντι τοῦ ἔθνους.

Δὲν θέλει τὰς ἐκλογάς, διότι θεωρεῖ ὅτι ἡ διεξαγωγή των θὰ ὁδηγήσῃ εἰς περισσοτέραν ἀναστάτωσιν. Ἡ ΕΡΕ ἔχει ὑποχρέωσιν νὰ προστατεύσῃ τὴν χώραν.

Διατί δὲν θέλει
τὰς ἐκλογάς

Εἰς τὴν Βουλὴν ὑπάρχει πλειοψηφία ἡ ὁποία δύναται νὰ στηρίξῃ κυβέρνησιν. Ἂς δοθῇ ἡ εὐκαιρία εἰς αὐτήν. Αἱ ἐκλογαὶ ἂς γίνουν ὅταν ἔλθῃ ὁ κατάλληλος χρόνος.

Ἡ κατάστασις ἐδημιουργήθη ἀπὸ τὴν πολιτικὴν τῆς κυβερνήσεως τῆς Ἑνώσεως Κέντρου. Δὲν εἶναι δυνατὸν νὰ ζητῆται ἀπὸ τὸν λαὸν νὰ ἀποφασίσῃ ἐν μέσῳ τοιαύτης συγχύσεως.

Δὲν θέλει τὰς ἐκλογάς, διότι θεωρεῖ ὅτι ἡ διεξαγωγή των θὰ ὁδηγήσῃ εἰς περισσοτέραν ἀναστάτωσιν. Ἡ ΕΡΕ ἔχει ὑποχρέωσιν νὰ προστατεύσῃ τὴν χώραν.

ΠΑΠΑΝΔΡΕΟΥ: Αὐτὸ σημαίνει ὅτι φοβεῖσθε τὸν λαόν. ΚΑΝΕΛΛΟΠΟΥΛΟΣ: Οὐδόλως. Ἀλλὰ ἔχομεν ὑποχρέωσιν ἀπέναντι τοῦ ἔθνους.

Εἰς τὴν Βουλὴν ὑπάρχει πλειοψηφία ἡ ὁποία δύναται νὰ στηρίξῃ κυβέρνησιν. Ἂς δοθῇ ἡ εὐκαιρία εἰς αὐτήν. Αἱ ἐκλογαὶ ἂς γίνουν ὅταν ἔλθῃ ὁ κατάλληλος χρόνος.

Ἡ κατάστασις ἐδημιουργήθη ἀπὸ τὴν πολιτικὴν τῆς κυβερνήσεως τῆς Ἑνώσεως Κέντρου. Δὲν εἶναι δυνατὸν νὰ ζητῆται ἀπὸ τὸν λαὸν νὰ ἀποφασίσῃ ἐν μέσῳ τοιαύτης συγχύσεως.

Δὲν θέλει τὰς ἐκλογάς, διότι θεωρεῖ ὅτι ἡ διεξαγωγή των θὰ ὁδηγήσῃ εἰς περισσοτέραν ἀναστάτωσιν. Ἡ ΕΡΕ ἔχει ὑποχρέωσιν νὰ προστατεύσῃ τὴν χώραν.

Εἰς τὴν Βουλὴν ὑπάρχει πλειοψηφία ἡ ὁποία δύναται νὰ στηρίξῃ κυβέρνησιν. Ἂς δοθῇ ἡ εὐκαιρία εἰς αὐτήν. Αἱ ἐκλογαὶ ἂς γίνουν ὅταν ἔλθῃ ὁ κατάλληλος χρόνος.

ΠΑΠΑΝΔΡΕΟΥ: Αὐτὸ σημαίνει ὅτι φοβεῖσθε τὸν λαόν. ΚΑΝΕΛΛΟΠΟΥΛΟΣ: Οὐδόλως. Ἀλλὰ ἔχομεν ὑποχρέωσιν ἀπέναντι τοῦ ἔθνους.

Ἡ κατάστασις ἐδημιουργήθη ἀπὸ τὴν πολιτικὴν τῆς κυβερνήσεως τῆς Ἑνώσεως Κέντρου. Δὲν εἶναι δυνατὸν νὰ ζητῆται ἀπὸ τὸν λαὸν νὰ ἀποφασίσῃ ἐν μέσῳ τοιαύτης συγχύσεως.

Δὲν θέλει τὰς ἐκλογάς, διότι θεωρεῖ ὅτι ἡ διεξαγωγή των θὰ ὁδηγήσῃ εἰς περισσοτέραν ἀναστάτωσιν. Ἡ ΕΡΕ ἔχει ὑποχρέωσιν νὰ προστατεύσῃ τὴν χώραν.

Εἰς τὴν Βουλὴν ὑπάρχει πλειοψηφία ἡ ὁποία δύναται νὰ στηρίξῃ κυβέρνησιν. Ἂς δοθῇ ἡ εὐκαιρία εἰς αὐτήν. Αἱ ἐκλογαὶ ἂς γίνουν ὅταν ἔλθῃ ὁ κατάλληλος χρόνος.

Ἡ κατάστασις ἐδημιουργήθη ἀπὸ τὴν πολιτικὴν τῆς κυβερνήσεως τῆς Ἑνώσεως Κέντρου. Δὲν εἶναι δυνατὸν νὰ ζητῆται ἀπὸ τὸν λαὸν νὰ ἀποφασίσῃ ἐν μέσῳ τοιαύτης συγχύσεως.

ΠΑΠΑΝΔΡΕΟΥ: Αὐτὸ σημαίνει ὅτι φοβεῖσθε τὸν λαόν. ΚΑΝΕΛΛΟΠΟΥΛΟΣ: Οὐδόλως. Ἀλλὰ ἔχομεν ὑποχρέωσιν ἀπέναντι τοῦ ἔθνους.

Δὲν θέλει τὰς ἐκλογάς, διότι θεωρεῖ ὅτι ἡ διεξαγωγή των θὰ ὁδηγήσῃ εἰς περισσοτέραν ἀναστάτωσιν. Ἡ ΕΡΕ ἔχει ὑποχρέωσιν νὰ προστατεύσῃ τὴν χώραν.

Εἰς τὴν Βουλὴν ὑπάρχει πλειοψηφία ἡ ὁποία δύναται νὰ στηρίξῃ κυβέρνησιν. Ἂς δοθῇ ἡ εὐκαιρία εἰς αὐτήν. Αἱ ἐκλογαὶ ἂς γίνουν ὅταν ἔλθῃ ὁ κατάλληλος χρόνος.

Ἡ Ἕνωσις Κέντρου παραμένει ἑνωμένη. Οἱ βουλευταὶ οἱ ὁποῖοι ἀπεχώρησαν δὲν ἐκπροσωποῦν τὴν θέλησιν τῶν ψηφοφόρων των. Ὁ λαὸς ἐψήφισε διὰ τὸ πρόγραμμα τῆς Ἑνώσεως.

Ἐὰν θέλωμεν νὰ σεβασθῶμεν τὴν λαϊκὴν κυριαρχίαν, πρέπει νὰ ἐρωτήσωμεν τὸν λαόν. Αὐτὸ εἶναι τὸ δημοκρατικὸν καθῆκον ὅλων μας.

ΝΟΒΑΣ: Οἱ βουλευταὶ ἔχουν δικαίωμα νὰ ἀποφασίζουν κατὰ συνείδησιν. ΠΑΠΑΝΔΡΕΟΥ: Ἡ συνείδησις τοῦ βουλευτοῦ δὲν δύναται νὰ εἶναι ἀντίθετος πρὸς τὴν ἐντολὴν τῶν ἐκλογέων.

Ἡ Ἕνωσις Κέντρου παραμένει ἑνωμένη. Οἱ βουλευταὶ οἱ ὁποῖοι ἀπεχώρησαν δὲν ἐκπροσωποῦν τὴν θέλησιν τῶν ψηφοφόρων των. Ὁ λαὸς ἐψήφισε διὰ τὸ πρόγραμμα τῆς Ἑνώσεως.

Ἐὰν θέλωμεν νὰ σεβασθῶμεν τὴν λαϊκὴν κυριαρχίαν, πρέπει νὰ ἐρωτήσωμεν τὸν λαόν. Αὐτὸ εἶναι τὸ δημοκρατικὸν καθῆκον ὅλων μας.

Διατί ἐφώβισε
τοὺς ἀποστάτας

Ὁ κ. Παπανδρέου ἀπαντῶν εἶπεν ὅτι οἱ ἀποστάται ἐφοβήθησαν τὰς ἐκλογάς, διότι γνωρίζουν ὅτι ὁ λαὸς θὰ τοὺς καταδικάσῃ. Διὰ τὸν λόγον αὐτὸν δὲν θέλουν ἐκλογάς.

Ἡ Ἕνωσις Κέντρου παραμένει ἑνωμένη. Οἱ βουλευταὶ οἱ ὁποῖοι ἀπεχώρησαν δὲν ἐκπροσωποῦν τὴν θέλησιν τῶν ψηφοφόρων των. Ὁ λαὸς ἐψήφισε διὰ τὸ πρόγραμμα τῆς Ἑνώσεως.

Ἐὰν θέλωμεν νὰ σεβασθῶμεν τὴν λαϊκὴν κυριαρχίαν, πρέπει νὰ ἐρωτήσωμεν τὸν λαόν. Αὐτὸ εἶναι τὸ δημοκρατικὸν καθῆκον ὅλων μας.

ΝΟΒΑΣ: Οἱ βουλευταὶ ἔχουν δικαίωμα νὰ ἀποφασίζουν κατὰ συνείδησιν. ΠΑΠΑΝΔΡΕΟΥ: Ἡ συνείδησις τοῦ βουλευτοῦ δὲν δύναται νὰ εἶναι ἀντίθετος πρὸς τὴν ἐντολὴν τῶν ἐκλογέων.

Ὁ κ. Παπανδρέου ἀπαντῶν εἶπεν ὅτι οἱ ἀποστάται ἐφοβήθησαν τὰς ἐκλογάς, διότι γνωρίζουν ὅτι ὁ λαὸς θὰ τοὺς καταδικάσῃ. Διὰ τὸν λόγον αὐτὸν δὲν θέλουν ἐκλογάς.

Ἡ Ἕνωσις Κέντρου παραμένει ἑνωμένη. Οἱ βουλευταὶ οἱ ὁποῖοι ἀπεχώρησαν δὲν ἐκπροσωποῦν τὴν θέλησιν τῶν ψηφοφόρων των. Ὁ λαὸς ἐψήφισε διὰ τὸ πρόγραμμα τῆς Ἑνώσεως.

Ἐὰν θέλωμεν νὰ σεβασθῶμεν τὴν λαϊκὴν κυριαρχίαν, πρέπει νὰ ἐρωτήσωμεν τὸν λαόν. Αὐτὸ εἶναι τὸ δημοκρατικὸν καθῆκον ὅλων μας.

ΝΟΒΑΣ: Οἱ βουλευταὶ ἔχουν δικαίωμα νὰ ἀποφασίζουν κατὰ συνείδησιν. ΠΑΠΑΝΔΡΕΟΥ: Ἡ συνείδησις τοῦ βουλευτοῦ δὲν δύναται νὰ εἶναι ἀντίθετος πρὸς τὴν ἐντολὴν τῶν ἐκλογέων.

Ὁ κ. Παπανδρέου ἀπαντῶν εἶπεν ὅτι οἱ ἀποστάται ἐφοβήθησαν τὰς ἐκλογάς, διότι γνωρίζουν ὅτι ὁ λαὸς θὰ τοὺς καταδικάσῃ. Διὰ τὸν λόγον αὐτὸν δὲν θέλουν ἐκλογάς.

Ἡ Ἕνωσις Κέντρου παραμένει ἑνωμένη. Οἱ βουλευταὶ οἱ ὁποῖοι ἀπεχώρησαν δὲν ἐκπροσωποῦν τὴν θέλησιν τῶν ψηφοφόρων των. Ὁ λαὸς ἐψήφισε διὰ τὸ πρόγραμμα τῆς Ἑνώσεως.

Ἐὰν θέλωμεν νὰ σεβασθῶμεν τὴν λαϊκὴν κυριαρχίαν, πρέπει νὰ ἐρωτήσωμεν τὸν λαόν. Αὐτὸ εἶναι τὸ δημοκρατικὸν καθῆκον ὅλων μας.

ΝΟΒΑΣ: Οἱ βουλευταὶ ἔχουν δικαίωμα νὰ ἀποφασίζουν κατὰ συνείδησιν. ΠΑΠΑΝΔΡΕΟΥ: Ἡ συνείδησις τοῦ βουλευτοῦ δὲν δύναται νὰ εἶναι ἀντίθετος πρὸς τὴν ἐντολὴν τῶν ἐκλογέων.

Ὁ κ. Παπανδρέου ἀπαντῶν εἶπεν ὅτι οἱ ἀποστάται ἐφοβήθησαν τὰς ἐκλογάς, διότι γνωρίζουν ὅτι ὁ λαὸς θὰ τοὺς καταδικάσῃ. Διὰ τὸν λόγον αὐτὸν δὲν θέλουν ἐκλογάς.

Ἡ Ἕνωσις Κέντρου παραμένει ἑνωμένη. Οἱ βουλευταὶ οἱ ὁποῖοι ἀπεχώρησαν δὲν ἐκπροσωποῦν τὴν θέλησιν τῶν ψηφοφόρων των. Ὁ λαὸς ἐψήφισε διὰ τὸ πρόγραμμα τῆς Ἑνώσεως.

Ἐὰν θέλωμεν νὰ σεβασθῶμεν τὴν λαϊκὴν κυριαρχίαν, πρέπει νὰ ἐρωτήσωμεν τὸν λαόν. Αὐτὸ εἶναι τὸ δημοκρατικὸν καθῆκον ὅλων μας.

ΝΟΒΑΣ: Οἱ βουλευταὶ ἔχουν δικαίωμα νὰ ἀποφασίζουν κατὰ συνείδησιν. ΠΑΠΑΝΔΡΕΟΥ: Ἡ συνείδησις τοῦ βουλευτοῦ δὲν δύναται νὰ εἶναι ἀντίθετος πρὸς τὴν ἐντολὴν τῶν ἐκλογέων.

Ὁ κ. Παπανδρέου ἀπαντῶν εἶπεν ὅτι οἱ ἀποστάται ἐφοβήθησαν τὰς ἐκλογάς, διότι γνωρίζουν ὅτι ὁ λαὸς θὰ τοὺς καταδικάσῃ. Διὰ τὸν λόγον αὐτὸν δὲν θέλουν ἐκλογάς.

Ἡ Ἕνωσις Κέντρου παραμένει ἑνωμένη. Οἱ βουλευταὶ οἱ ὁποῖοι ἀπεχώρησαν δὲν ἐκπροσωποῦν τὴν θέλησιν τῶν ψηφοφόρων των. Ὁ λαὸς ἐψήφισε διὰ τὸ πρόγραμμα τῆς Ἑνώσεως.

Ἐὰν θέλωμεν νὰ σεβασθῶμεν τὴν λαϊκὴν κυριαρχίαν, πρέπει νὰ ἐρωτήσωμεν τὸν λαόν. Αὐτὸ εἶναι τὸ δημοκρατικὸν καθῆκον ὅλων μας.

ΝΟΒΑΣ: Οἱ βουλευταὶ ἔχουν δικαίωμα νὰ ἀποφασίζουν κατὰ συνείδησιν. ΠΑΠΑΝΔΡΕΟΥ: Ἡ συνείδησις τοῦ βουλευτοῦ δὲν δύναται νὰ εἶναι ἀντίθετος πρὸς τὴν ἐντολὴν τῶν ἐκλογέων.

Ὁ κ. Παπανδρέου ἀπαντῶν εἶπεν ὅτι οἱ ἀποστάται ἐφοβήθησαν τὰς ἐκλογάς, διότι γνωρίζουν ὅτι ὁ λαὸς θὰ τοὺς καταδικάσῃ. Διὰ τὸν λόγον αὐτὸν δὲν θέλουν ἐκλογάς.

Ἡ Ἕνωσις Κέντρου παραμένει ἑνωμένη. Οἱ βουλευταὶ οἱ ὁποῖοι ἀπεχώρησαν δὲν ἐκπροσωποῦν τὴν θέλησιν τῶν ψηφοφόρων των. Ὁ λαὸς ἐψήφισε διὰ τὸ πρόγραμμα τῆς Ἑνώσεως.

Ἐὰν θέλωμεν νὰ σεβασθῶμεν τὴν λαϊκὴν κυριαρχίαν, πρέπει νὰ ἐρωτήσωμεν τὸν λαόν. Αὐτὸ εἶναι τὸ δημοκρατικὸν καθῆκον ὅλων μας.

Ἡ χώρα ἔχει ἀνάγκην ἀπὸ κυβέρνησιν συνεργασίας, ἡ ὁποία θὰ ἀντιμετωπίσῃ τὰ οἰκονομικὰ καὶ ἐθνικὰ προβλήματα. Ἡ πόλωσις δὲν ὠφελεῖ κανένα.

Αἱ ἐκλογαὶ ὑπὸ τὰς σημερινὰς συνθήκας θὰ διεξαχθοῦν ἐν μέσῳ παθῶν. Τὸ ἀποτέλεσμα δὲν θὰ εἶναι ἀντιπροσωπευτικὸν τῆς πραγματικῆς βουλήσεως τοῦ λαοῦ.

ΠΑΠΑΝΔΡΕΟΥ: Ἐπιτρέψατέ μου. Ὁ λαὸς πάντοτε γνωρίζει νὰ ἀποφασίζῃ ὀρθῶς.

Ἡ χώρα ἔχει ἀνάγκην ἀπὸ κυβέρνησιν συνεργασίας, ἡ ὁποία θὰ ἀντιμετωπίσῃ τὰ οἰκονομικὰ καὶ ἐθνικὰ προβλήματα. Ἡ πόλωσις δὲν ὠφελεῖ κανένα.

Αἱ ἐκλογαὶ ὑπὸ τὰς σημερινὰς συνθήκας θὰ διεξαχθοῦν ἐν μέσῳ παθῶν. Τὸ ἀποτέλεσμα δὲν θὰ εἶναι ἀντιπροσωπευτικὸν τῆς πραγματικῆς βουλήσεως τοῦ λαοῦ.

Ἡ χώρα ἔχει ἀνάγκην ἀπὸ κυβέρνησιν συνεργασίας, ἡ ὁποία θὰ ἀντιμετωπίσῃ τὰ οἰκονομικὰ καὶ ἐθνικὰ προβλήματα. Ἡ πόλωσις δὲν ὠφελεῖ κανένα.

Ἡ ὁμιλία
τοῦ κ. Μαρκεζίνη

ΒΑΣΙΛΕΥΣ: Εὐχαριστῶ. Ὁ κ. Μαρκεζίνης. ΜΑΡΚΕΖΙΝΗΣ: Μεγαλειότατε, ἡ θέσις τοῦ Κόμματος Προοδευτικῶν εἶναι γνωστή. Δὲν πιστεύομεν ὅτι αἱ ἐκλογαὶ θὰ λύσουν τὸ πρόβλημα.

Ἡ χώρα ἔχει ἀνάγκην ἀπὸ κυβέρνησιν συνεργασίας, ἡ ὁποία θὰ ἀντιμετωπίσῃ τὰ οἰκονομικὰ καὶ ἐθνικὰ προβλήματα. Ἡ πόλωσις δὲν ὠφελεῖ κανένα.

Αἱ ἐκλογαὶ ὑπὸ τὰς σημερινὰς συνθήκας θὰ διεξαχθοῦν ἐν μέσῳ παθῶν. Τὸ ἀποτέλεσμα δὲν θὰ εἶναι ἀντιπροσωπευτικὸν τῆς πραγματικῆς βουλήσεως τοῦ λαοῦ.

ΠΑΠΑΝΔΡΕΟΥ: Ἐπιτρέψατέ μου. Ὁ λαὸς πάντοτε γνωρίζει νὰ ἀποφασίζῃ ὀρθῶς.

ΒΑΣΙΛΕΥΣ: Εὐχαριστῶ. Ὁ κ. Μαρκεζίνης. ΜΑΡΚΕΖΙΝΗΣ: Μεγαλειότατε, ἡ θέσις τοῦ Κόμματος Προοδευτικῶν εἶναι γνωστή. Δὲν πιστεύομεν ὅτι αἱ ἐκλογαὶ θὰ λύσουν τὸ πρόβλημα.

Ἡ χώρα ἔχει ἀνάγκην ἀπὸ κυβέρνησιν συνεργασίας, ἡ ὁποία θὰ ἀντιμετωπίσῃ τὰ οἰκονομικὰ καὶ ἐθνικὰ προβλήματα. Ἡ πόλωσις δὲν ὠφελεῖ κανένα.

Αἱ ἐκλογαὶ ὑπὸ τὰς σημερινὰς συνθήκας θὰ διεξαχθοῦν ἐν μέσῳ παθῶν. Τὸ ἀποτέλεσμα δὲν θὰ εἶναι ἀντιπροσωπευτικὸν τῆς πραγματικῆς βουλήσεως τοῦ λαοῦ.

ΠΑΠΑΝΔΡΕΟΥ: Ἐπιτρέψατέ μου. Ὁ λαὸς πάντοτε γνωρίζει νὰ ἀποφασίζῃ ὀρθῶς.

ΒΑΣΙΛΕΥΣ: Εὐχαριστῶ. Ὁ κ. Μαρκεζίνης. ΜΑΡΚΕΖΙΝΗΣ: Μεγαλειότατε, ἡ θέσις τοῦ Κόμματος Προοδευτικῶν εἶναι γνωστή. Δὲν πιστεύομεν ὅτι αἱ ἐκλογαὶ θὰ λύσουν τὸ πρόβλημα.

Ἡ χώρα ἔχει ἀνάγκην ἀπὸ κυβέρνησιν συνεργασίας, ἡ ὁποία θὰ ἀντιμετωπίσῃ τὰ οἰκονομικὰ καὶ ἐθνικὰ προβλήματα. Ἡ πόλωσις δὲν ὠφελεῖ κανένα.

Αἱ ἐκλογαὶ ὑπὸ τὰς σημερινὰς συνθήκας θὰ διεξαχθοῦν ἐν μέσῳ παθῶν. Τὸ ἀποτέλεσμα δὲν θὰ εἶναι ἀντιπροσωπευτικὸν τῆς πραγματικῆς βουλήσεως τοῦ λαοῦ.

ΠΑΠΑΝΔΡΕΟΥ: Ἐπιτρέψατέ μου. Ὁ λαὸς πάντοτε γνωρίζει νὰ ἀποφασίζῃ ὀρθῶς.

ΒΑΣΙΛΕΥΣ: Εὐχαριστῶ. Ὁ κ. Μαρκεζίνης. ΜΑΡΚΕΖΙΝΗΣ: Μεγαλειότατε, ἡ θέσις τοῦ Κόμματος Προοδευτικῶν εἶναι γνωστή. Δὲν πιστεύομεν ὅτι αἱ ἐκλογαὶ θὰ λύσουν τὸ πρόβλημα.

Ἡ χώρα ἔχει ἀνάγκην ἀπὸ κυβέρνησιν συνεργασίας, ἡ ὁποία θὰ ἀντιμετωπίσῃ τὰ οἰκονομικὰ καὶ ἐθνικὰ προβλήματα. Ἡ πόλωσις δὲν ὠφελεῖ κανένα.

Αἱ ἐκλογαὶ ὑπὸ τὰς σημερινὰς συνθήκας θὰ διεξαχθοῦν ἐν μέσῳ παθῶν. Τὸ ἀποτέλεσμα δὲν θὰ εἶναι ἀντιπροσωπευτικὸν τῆς πραγματικῆς βουλήσεως τοῦ λαοῦ.

ΠΑΠΑΝΔΡΕΟΥ: Ἐπιτρέψατέ μου. Ὁ λαὸς πάντοτε γνωρίζει νὰ ἀποφασίζῃ ὀρθῶς.

ΒΑΣΙΛΕΥΣ: Εὐχαριστῶ. Ὁ κ. Μαρκεζίνης. ΜΑΡΚΕΖΙΝΗΣ: Μεγαλειότατε, ἡ θέσις τοῦ Κόμματος Προοδευτικῶν εἶναι γνωστή. Δὲν πιστεύομεν ὅτι αἱ ἐκλογαὶ θὰ λύσουν τὸ πρόβλημα.

Ἡ χώρα ἔχει ἀνάγκην ἀπὸ κυβέρνησιν συνεργασίας, ἡ ὁποία θὰ ἀντιμετωπίσῃ τὰ οἰκονομικὰ καὶ ἐθνικὰ προβλήματα. Ἡ πόλωσις δὲν ὠφελεῖ κανένα.

Αἱ ἐκλογαὶ ὑπὸ τὰς σημερινὰς συνθήκας θὰ διεξαχθοῦν ἐν μέσῳ παθῶν. Τὸ ἀποτέλεσμα δὲν θὰ εἶναι ἀντιπροσωπευτικὸν τῆς πραγματικῆς βουλήσεως τοῦ λαοῦ.

ΠΑΠΑΝΔΡΕΟΥ: Ἐπιτρέψατέ μου. Ὁ λαὸς πάντοτε γνωρίζει νὰ ἀποφασίζῃ ὀρθῶς.

ΒΑΣΙΛΕΥΣ: Εὐχαριστῶ. Ὁ κ. Μαρκεζίνης. ΜΑΡΚΕΖΙΝΗΣ: Μεγαλειότατε, ἡ θέσις τοῦ Κόμματος Προοδευτικῶν εἶναι γνωστή. Δὲν πιστεύομεν ὅτι αἱ ἐκλογαὶ θὰ λύσουν τὸ πρόβλημα.

Ἡ χώρα ἔχει ἀνάγκην ἀπὸ κυβέρνησιν συνεργασίας, ἡ ὁποία θὰ ἀντιμετωπίσῃ τὰ οἰκονομικὰ καὶ ἐθνικὰ προβλήματα. Ἡ πόλωσις δὲν ὠφελεῖ κανένα.

Αἱ ἐκλογαὶ ὑπὸ τὰς σημερινὰς συνθήκας θὰ διεξαχθοῦν ἐν μέσῳ παθῶν. Τὸ ἀποτέλεσμα δὲν θὰ εἶναι ἀντιπροσωπευτικὸν τῆς πραγματικῆς βουλήσεως τοῦ λαοῦ.

Ὁ κ. Μαρκεζίνης ὑπεστήριξεν ὅτι ἡ λύσις εἶναι ὁ σχηματισμὸς κυβερνήσεως συνεργασίας τῶν κομμάτων, ἡ ὁποία θὰ διεξαγάγῃ ἐκλογὰς ὅταν ἀποκατασταθῇ ἡ ἠρεμία.

Ἡ κυβέρνησις αὐτὴ πρέπει νὰ ἔχῃ εὐρεῖαν βάσιν εἰς τὴν Βουλήν. Μόνον οὕτω θὰ εἶναι δυνατὴ ἡ ἀντιμετώπισις τῶν προβλημάτων τῆς χώρας.

ΒΑΣΙΛΕΥΣ: Ὁ κ. Τσαλδάρης. ΤΣΑΛΔΑΡΗΣ: Μεγαλειότατε, συμφωνῶ μὲ τὰς ἀπόψεις τοῦ κ. Κανελλοπούλου. Αἱ ἐκλογαὶ δὲν εἶναι ἡ κατάλληλος λύσις εἰς τὴν παροῦσαν φάσιν.

Ὁ κ. Μαρκεζίνης ὑπεστήριξεν ὅτι ἡ λύσις εἶναι ὁ σχηματισμὸς κυβερνήσεως συνεργασίας τῶν κομμάτων, ἡ ὁποία θὰ διεξαγάγῃ ἐκλογὰς ὅταν ἀποκατασταθῇ ἡ ἠρεμία.

Ἡ κυβέρνησις αὐτὴ πρέπει νὰ ἔχῃ εὐρεῖαν βάσιν εἰς τὴν Βουλήν. Μόνον οὕτω θὰ εἶναι δυνατὴ ἡ ἀντιμετώπισις τῶν προβλημάτων τῆς χώρας.

ΒΑΣΙΛΕΥΣ: Ὁ κ. Τσαλδάρης. ΤΣΑΛΔΑΡΗΣ: Μεγαλειότατε, συμφωνῶ μὲ τὰς ἀπόψεις τοῦ κ. Κανελλοπούλου. Αἱ ἐκλογαὶ δὲν εἶναι ἡ κατάλληλος λύσις εἰς τὴν παροῦσαν φάσιν.

Ὁ κ. Μαρκεζίνης ὑπεστήριξεν ὅτι ἡ λύσις εἶναι ὁ σχηματισμὸς κυβερνήσεως συνεργασίας τῶν κομμάτων, ἡ ὁποία θὰ διεξαγάγῃ ἐκλογὰς ὅταν ἀποκατασταθῇ ἡ ἠρεμία.

Ἡ κυβέρνησις αὐτὴ πρέπει νὰ ἔχῃ εὐρεῖαν βάσιν εἰς τὴν Βουλήν. Μόνον οὕτω θὰ εἶναι δυνατὴ ἡ ἀντιμετώπισις τῶν προβλημάτων τῆς χώρας.

ΒΑΣΙΛΕΥΣ: Ὁ κ. Τσαλδάρης. ΤΣΑΛΔΑΡΗΣ: Μεγαλειότατε, συμφωνῶ μὲ τὰς ἀπόψεις τοῦ κ. Κανελλοπούλου. Αἱ ἐκλογαὶ δὲν εἶναι ἡ κατάλληλος λύσις εἰς τὴν παροῦσαν φάσιν.

Ὁ κ. Μαρκεζίνης ὑπεστήριξεν ὅτι ἡ λύσις εἶναι ὁ σχηματισμὸς κυβερνήσεως συνεργασίας τῶν κομμάτων, ἡ ὁποία θὰ διεξαγάγῃ ἐκλογὰς ὅταν ἀποκατασταθῇ ἡ ἠρεμία.

Ἡ κυβέρνησις αὐτὴ πρέπει νὰ ἔχῃ εὐρεῖαν βάσιν εἰς τὴν Βουλήν. Μόνον οὕτω θὰ εἶναι δυνατὴ ἡ ἀντιμετώπισις τῶν προβλημάτων τῆς χώρας.

ΒΑΣΙΛΕΥΣ: Ὁ κ. Τσαλδάρης. ΤΣΑΛΔΑΡΗΣ: Μεγαλειότατε, συμφωνῶ μὲ τὰς ἀπόψεις τοῦ κ. Κανελλοπούλου. Αἱ ἐκλογαὶ δὲν εἶναι ἡ κατάλληλος λύσις εἰς τὴν παροῦσαν φάσιν.

Ὁ κ. Μαρκεζίνης ὑπεστήριξεν ὅτι ἡ λύσις εἶναι ὁ σχηματισμὸς κυβερνήσεως συνεργασίας τῶν κομμάτων, ἡ ὁποία θὰ διεξαγάγῃ ἐκλογὰς ὅταν ἀποκατασταθῇ ἡ ἠρεμία.

Ἡ κυβέρνησις αὐτὴ πρέπει νὰ ἔχῃ εὐρεῖαν βάσιν εἰς τὴν Βουλήν. Μόνον οὕτω θὰ εἶναι δυνατὴ ἡ ἀντιμετώπισις τῶν προβλημάτων τῆς χώρας.

ΒΑΣΙΛΕΥΣ: Ὁ κ. Τσαλδάρης. ΤΣΑΛΔΑΡΗΣ: Μεγαλειότατε, συμφωνῶ μὲ τὰς ἀπόψεις τοῦ κ. Κανελλοπούλου. Αἱ ἐκλογαὶ δὲν εἶναι ἡ κατάλληλος λύσις εἰς τὴν παροῦσαν φάσιν.

Ὁ κ. Μαρκεζίνης ὑπεστήριξεν ὅτι ἡ λύσις εἶναι ὁ σχηματισμὸς κυβερνήσεως συνεργασίας τῶν κομμάτων, ἡ ὁποία θὰ διεξαγάγῃ ἐκλογὰς ὅταν ἀποκατασταθῇ ἡ ἠρεμία.

Ἡ κυβέρνησις αὐτὴ πρέπει νὰ ἔχῃ εὐρεῖαν βάσιν εἰς τὴν Βουλήν. Μόνον οὕτω θὰ εἶναι δυνατὴ ἡ ἀντιμετώπισις τῶν προβλημάτων τῆς χώρας.

ΒΑΣΙΛΕΥΣ: Ὁ κ. Τσαλδάρης. ΤΣΑΛΔΑΡΗΣ: Μεγαλειότατε, συμφωνῶ μὲ τὰς ἀπόψεις τοῦ κ. Κανελλοπούλου. Αἱ ἐκλογαὶ δὲν εἶναι ἡ κατάλληλος λύσις εἰς τὴν παροῦσαν φάσιν.

Θέλει κυβέρνησιν
συνεργασίας

Ὁ κ. Μαρκεζίνης ὑπεστήριξεν ὅτι ἡ λύσις εἶναι ὁ σχηματισμὸς κυβερνήσεως συνεργασίας τῶν κομμάτων, ἡ ὁποία θὰ διεξαγάγῃ ἐκλογὰς ὅταν ἀποκατασταθῇ ἡ ἠρεμία.

Ἡ κυβέρνησις αὐτὴ πρέπει νὰ ἔχῃ εὐρεῖαν βάσιν εἰς τὴν Βουλήν. Μόνον οὕτω θὰ εἶναι δυνατὴ ἡ ἀντιμετώπισις τῶν προβλημάτων τῆς χώρας.

ΒΑΣΙΛΕΥΣ: Ὁ κ. Τσαλδάρης. ΤΣΑΛΔΑΡΗΣ: Μεγαλειότατε, συμφωνῶ μὲ τὰς ἀπόψεις τοῦ κ. Κανελλοπούλου. Αἱ ἐκλογαὶ δὲν εἶναι ἡ κατάλληλος λύσις εἰς τὴν παροῦσαν φάσιν.

Ὁ κ. Μαρκεζίνης ὑπεστήριξεν ὅτι ἡ λύσις εἶναι ὁ σχηματισμὸς κυβερνήσεως συνεργασίας τῶν κομμάτων, ἡ ὁποία θὰ διεξαγάγῃ ἐκλογὰς ὅταν ἀποκατασταθῇ ἡ ἠρεμία.

Ἡ κυβέρνησις αὐτὴ πρέπει νὰ ἔχῃ εὐρεῖαν βάσιν εἰς τὴν Βουλήν. Μόνον οὕτω θὰ εἶναι δυνατὴ ἡ ἀντιμετώπισις τῶν προβλημάτων τῆς χώρας.

ΒΑΣΙΛΕΥΣ: Ὁ κ. Τσαλδάρης. ΤΣΑΛΔΑΡΗΣ: Μεγαλειότατε, συμφωνῶ μὲ τὰς ἀπόψεις τοῦ κ. Κανελλοπούλου. Αἱ ἐκλογαὶ δὲν εἶναι ἡ κατάλληλος λύσις εἰς τὴν παροῦσαν φάσιν.

Ὁ κ. Μαρκεζίνης ὑπεστήριξεν ὅτι ἡ λύσις εἶναι ὁ σχηματισμὸς κυβερνήσεως συνεργασίας τῶν κομμάτων, ἡ ὁποία θὰ διεξαγάγῃ ἐκλογὰς ὅταν ἀποκατασταθῇ ἡ ἠρεμία.

Ἡ κυβέρνησις αὐτὴ πρέπει νὰ ἔχῃ εὐρεῖαν βάσιν εἰς τὴν Βουλήν. Μόνον οὕτω θὰ εἶναι δυνατὴ ἡ ἀντιμετώπισις τῶν προβλημάτων τῆς χώρας.

ΒΑΣΙΛΕΥΣ: Ὁ κ. Τσαλδάρης. ΤΣΑΛΔΑΡΗΣ: Μεγαλειότατε, συμφωνῶ μὲ τὰς ἀπόψεις τοῦ κ. Κανελλοπούλου. Αἱ ἐκλογαὶ δὲν εἶναι ἡ κατάλληλος λύσις εἰς τὴν παροῦσαν φάσιν.

Ὁ κ. Μαρκεζίνης ὑπεστήριξεν ὅτι ἡ λύσις εἶναι ὁ σχηματισμὸς κυβερνήσεως συνεργασίας τῶν κομμάτων, ἡ ὁποία θὰ διεξαγάγῃ ἐκλογὰς ὅταν ἀποκατασταθῇ ἡ ἠρεμία.

ΓΟΝΑΤΑΣ: Μεγαλειότατε, προτείνω τὸν σχηματισμὸν ὑπηρεσιακῆς κυβερνήσεως, ἡ ὁποία θὰ διεξαγάγῃ τὰς ἐκλογάς. Μόνον οὕτω θὰ ἐξασφαλισθῇ ἡ ἀμεροληψία.

Ἡ ὑπηρεσιακὴ κυβέρνησις θὰ ἐμπνέῃ ἐμπιστοσύνην εἰς ὅλα τὰ κόμματα. Δὲν θὰ ἔχῃ πολιτικὰ συμφέροντα, καὶ θὰ ἐξασφαλίσῃ τὴν ὁμαλὴν διεξαγωγὴν τῆς ψηφοφορίας.

ΒΑΣΙΛΕΥΣ: Καὶ ὁ κ. Παπανδρέου; ΠΑΠΑΝΔΡΕΟΥ: Δεχόμεθα ὁποιανδήποτε κυβέρνησιν, ὑπὸ τὸν ὅρον ὅτι αἱ ἐκλογαὶ θὰ γίνουν. ΓΟΝΑΤΑΣ: Εὐχαριστῶ.

Ἡ ὑπηρεσιακὴ κυβέρνησις θὰ ἐμπνέῃ ἐμπιστοσύνην εἰς ὅλα τὰ κόμματα. Δὲν θὰ ἔχῃ πολιτικὰ συμφέροντα, καὶ θὰ ἐξασφαλίσῃ τὴν ὁμαλὴν διεξαγωγὴν τῆς ψηφοφορίας.

ΓΟΝΑΤΑΣ: Μεγαλειότατε, προτείνω τὸν σχηματισμὸν ὑπηρεσιακῆς κυβερνήσεως, ἡ ὁποία θὰ διεξαγάγῃ τὰς ἐκλογάς. Μόνον οὕτω θὰ ἐξασφαλισθῇ ἡ ἀμεροληψία.

ΒΑΣΙΛΕΥΣ: Καὶ ὁ κ. Παπανδρέου; ΠΑΠΑΝΔΡΕΟΥ: Δεχόμεθα ὁποιανδήποτε κυβέρνησιν, ὑπὸ τὸν ὅρον ὅτι αἱ ἐκλογαὶ θὰ γίνουν. ΓΟΝΑΤΑΣ: Εὐχαριστῶ.

Ἡ ὑπηρεσιακὴ κυβέρνησις θὰ ἐμπνέῃ ἐμπιστοσύνην εἰς ὅλα τὰ κόμματα. Δὲν θὰ ἔχῃ πολιτικὰ συμφέροντα, καὶ θὰ ἐξασφαλίσῃ τὴν ὁμαλὴν διεξαγωγὴν τῆς ψηφοφορίας.

ΓΟΝΑΤΑΣ: Μεγαλειότατε, προτείνω τὸν σχηματισμὸν ὑπηρεσιακῆς κυβερνήσεως, ἡ ὁποία θὰ διεξαγάγῃ τὰς ἐκλογάς. Μόνον οὕτω θὰ ἐξασφαλισθῇ ἡ ἀμεροληψία.

ΒΑΣΙΛΕΥΣ: Καὶ ὁ κ. Παπανδρέου; ΠΑΠΑΝΔΡΕΟΥ: Δεχόμεθα ὁποιανδήποτε κυβέρνησιν, ὑπὸ τὸν ὅρον ὅτι αἱ ἐκλογαὶ θὰ γίνουν. ΓΟΝΑΤΑΣ: Εὐχαριστῶ.

Ἡ ὑπηρεσιακὴ κυβέρνησις θὰ ἐμπνέῃ ἐμπιστοσύνην εἰς ὅλα τὰ κόμματα. Δὲν θὰ ἔχῃ πολιτικὰ συμφέροντα, καὶ θὰ ἐξασφαλίσῃ τὴν ὁμαλὴν διεξαγωγὴν τῆς ψηφοφορίας.

ΓΟΝΑΤΑΣ: Μεγαλειότατε, προτείνω τὸν σχηματισμὸν ὑπηρεσιακῆς κυβερνήσεως, ἡ ὁποία θὰ διεξαγάγῃ τὰς ἐκλογάς. Μόνον οὕτω θὰ ἐξασφαλισθῇ ἡ ἀμεροληψία.

Ὁ κ. Γονατᾶς ζητεῖ
ὑπηρεσιακήν

ΓΟΝΑΤΑΣ: Μεγαλειότατε, προτείνω τὸν σχηματισμὸν ὑπηρεσιακῆς κυβερνήσεως, ἡ ὁποία θὰ διεξαγάγῃ τὰς ἐκλογάς. Μόνον οὕτω θὰ ἐξασφαλισθῇ ἡ ἀμεροληψία.

Ἡ ὑπηρεσιακὴ κυβέρνησις θὰ ἐμπνέῃ ἐμπιστοσύνην εἰς ὅλα τὰ κόμματα. Δὲν θὰ ἔχῃ πολιτικὰ συμφέροντα, καὶ θὰ ἐξασφαλίσῃ τὴν ὁμαλὴν διεξαγωγὴν τῆς ψηφοφορίας.

ΒΑΣΙΛΕΥΣ: Καὶ ὁ κ. Παπανδρέου; ΠΑΠΑΝΔΡΕΟΥ: Δεχόμεθα ὁποιανδήποτε κυβέρνησιν, ὑπὸ τὸν ὅρον ὅτι αἱ ἐκλογαὶ θὰ γίνουν. ΓΟΝΑΤΑΣ: Εὐχαριστῶ.

ΓΟΝΑΤΑΣ: Μεγαλειότατε, προτείνω τὸν σχηματισμὸν ὑπηρεσιακῆς κυβερνήσεως, ἡ ὁποία θὰ διεξαγάγῃ τὰς ἐκλογάς. Μόνον οὕτω θὰ ἐξασφαλισθῇ ἡ ἀμεροληψία.

Ἡ ὑπηρεσιακὴ κυβέρνησις θὰ ἐμπνέῃ ἐμπιστοσύνην εἰς ὅλα τὰ κόμματα. Δὲν θὰ ἔχῃ πολιτικὰ συμφέροντα, καὶ θὰ ἐξασφαλίσῃ τὴν ὁμαλὴν διεξαγωγὴν τῆς ψηφοφορίας.

ΒΑΣΙΛΕΥΣ: Καὶ ὁ κ. Παπανδρέου; ΠΑΠΑΝΔΡΕΟΥ: Δεχόμεθα ὁποιανδήποτε κυβέρνησιν, ὑπὸ τὸν ὅρον ὅτι αἱ ἐκλογαὶ θὰ γίνουν. ΓΟΝΑΤΑΣ: Εὐχαριστῶ.

ΓΟΝΑΤΑΣ: Μεγαλειότατε, προτείνω τὸν σχηματισμὸν ὑπηρεσιακῆς κυβερνήσεως, ἡ ὁποία θὰ διεξαγάγῃ τὰς ἐκλογάς. Μόνον οὕτω θὰ ἐξασφαλισθῇ ἡ ἀμεροληψία.

Ἡ ὑπηρεσιακὴ κυβέρνησις θὰ ἐμπνέῃ ἐμπιστοσύνην εἰς ὅλα τὰ κόμματα. Δὲν θὰ ἔχῃ πολιτικὰ συμφέροντα, καὶ θὰ ἐξασφαλίσῃ τὴν ὁμαλὴν διεξαγωγὴν τῆς ψηφοφορίας.

ΒΑΣΙΛΕΥΣ: Καὶ ὁ κ. Παπανδρέου; ΠΑΠΑΝΔΡΕΟΥ: Δεχόμεθα ὁποιανδήποτε κυβέρνησιν, ὑπὸ τὸν ὅρον ὅτι αἱ ἐκλογαὶ θὰ γίνουν. ΓΟΝΑΤΑΣ: Εὐχαριστῶ.

Εὐρεῖαν ἐπρότεινεν
ὁ κ. Τσαλδάρης

Μετὰ ταῦτα διελάβησεν ὁ κ. Τσαλδάρης, ὁ ὁποῖος ἐπρότεινε τὸν σχηματισμὸν εὐρείας κυβερνήσεως μὲ συμμετοχὴν ὅλων τῶν ἐθνικῶν κομμάτων.

Ἡ ὑπηρεσιακὴ κυβέρνησις θὰ ἐμπνέῃ ἐμπιστοσύνην εἰς ὅλα τὰ κόμματα. Δὲν θὰ ἔχῃ πολιτικὰ συμφέροντα, καὶ θὰ ἐξασφαλίσῃ τὴν ὁμαλὴν διεξαγωγὴν τῆς ψηφοφορίας.

Μετὰ ταῦτα διελάβησεν ὁ κ. Τσαλδάρης, ὁ ὁποῖος ἐπρότεινε τὸν σχηματισμὸν εὐρείας κυβερνήσεως μὲ συμμετοχὴν ὅλων τῶν ἐθνικῶν κομμάτων.

ΒΑΣΙΛΕΥΣ: Καὶ ὁ κ. Παπανδρέου; ΠΑΠΑΝΔΡΕΟΥ: Δεχόμεθα ὁποιανδήποτε κυβέρνησιν, ὑπὸ τὸν ὅρον ὅτι αἱ ἐκλογαὶ θὰ γίνουν. ΓΟΝΑΤΑΣ: Εὐχαριστῶ.

Μετὰ ταῦτα διελάβησεν ὁ κ. Τσαλδάρης, ὁ ὁποῖος ἐπρότεινε τὸν σχηματισμὸν εὐρείας κυβερνήσεως μὲ συμμετοχὴν ὅλων τῶν ἐθνικῶν κομμάτων.

►►► ΣΥΝΕΧΕΙΑ εἰς τὴν 3ην σελίδα
